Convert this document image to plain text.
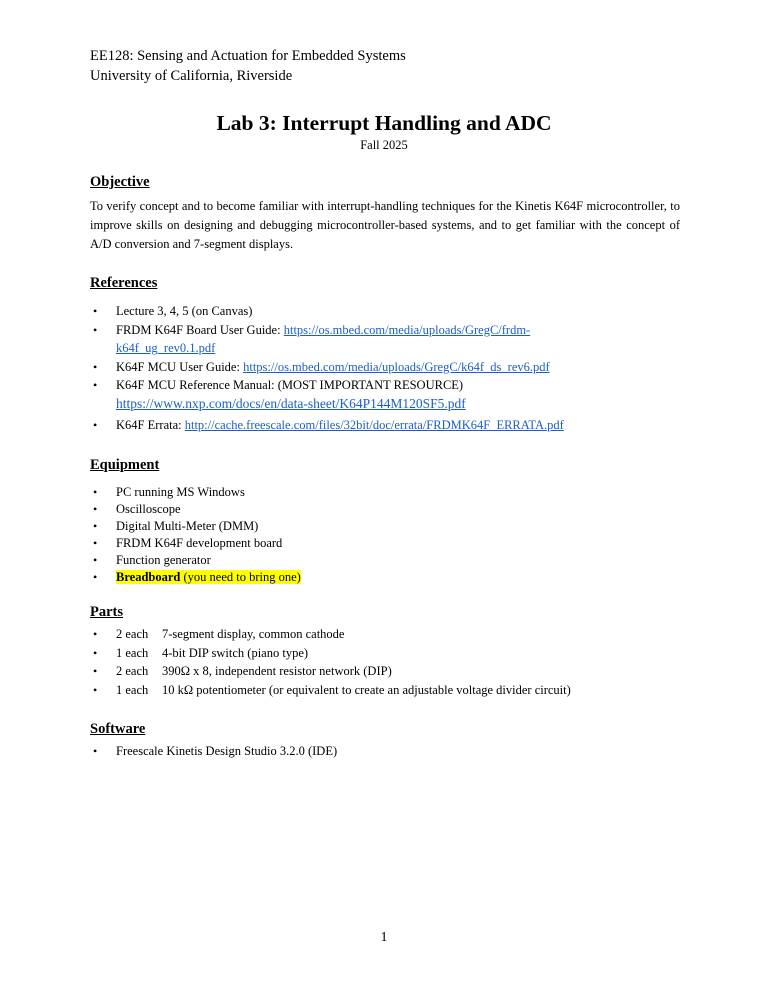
EE128: Sensing and Actuation for Embedded Systems
University of California, Riverside
Lab 3: Interrupt Handling and ADC
Fall 2025
Objective
To verify concept and to become familiar with interrupt-handling techniques for the Kinetis K64F microcontroller, to improve skills on designing and debugging microcontroller-based systems, and to get familiar with the concept of A/D conversion and 7-segment displays.
References
• Lecture 3, 4, 5 (on Canvas)
• FRDM K64F Board User Guide: https://os.mbed.com/media/uploads/GregC/frdm-
k64f_ug_rev0.1.pdf
• K64F MCU User Guide: https://os.mbed.com/media/uploads/GregC/k64f_ds_rev6.pdf
• K64F MCU Reference Manual: (MOST IMPORTANT RESOURCE)
https://www.nxp.com/docs/en/data-sheet/K64P144M120SF5.pdf
• K64F Errata: http://cache.freescale.com/files/32bit/doc/errata/FRDMK64F_ERRATA.pdf
Equipment
• PC running MS Windows
• Oscilloscope
• Digital Multi-Meter (DMM)
• FRDM K64F development board
• Function generator
• Breadboard (you need to bring one)
Parts
• 2 each 7-segment display, common cathode
• 1 each 4-bit DIP switch (piano type)
• 2 each 390Ω x 8, independent resistor network (DIP)
• 1 each 10 kΩ potentiometer (or equivalent to create an adjustable voltage divider circuit)
Software
• Freescale Kinetis Design Studio 3.2.0 (IDE)
1
